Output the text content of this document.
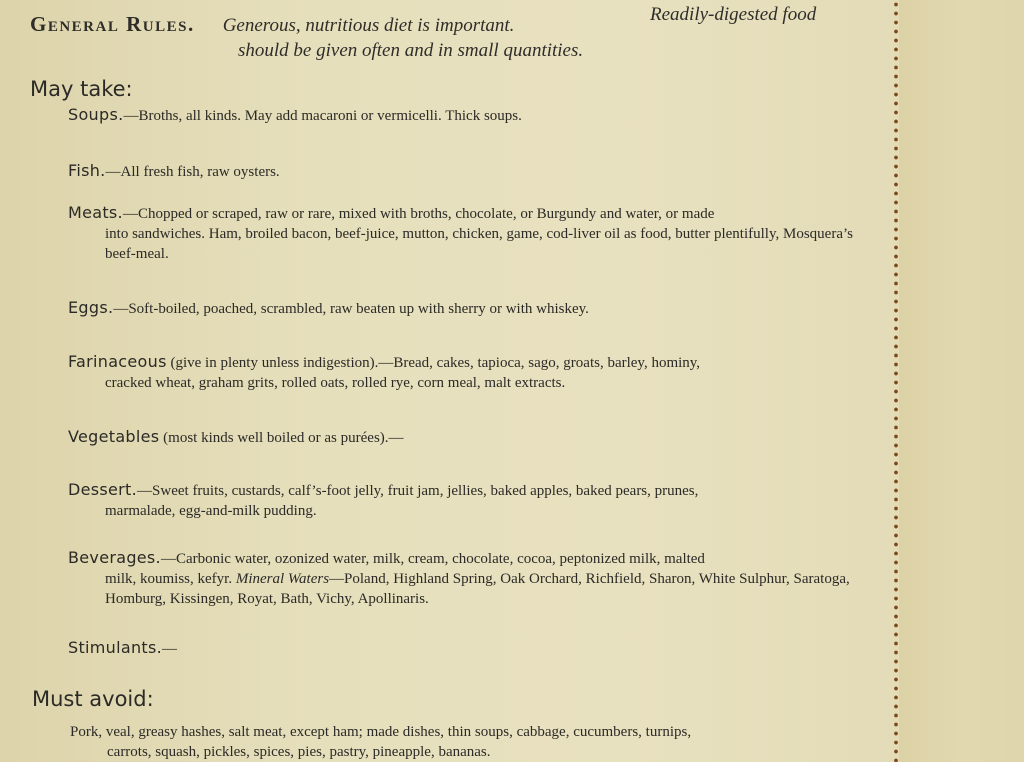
General Rules. Generous, nutritious diet is important.
Readily-digested food
should be given often and in small quantities.
May take:
Soups.—Broths, all kinds. May add macaroni or vermicelli. Thick soups.
Fish.—All fresh fish, raw oysters.
Meats.—Chopped or scraped, raw or rare, mixed with broths, chocolate, or Burgundy and water, or made
into sandwiches. Ham, broiled bacon, beef-juice, mutton, chicken, game, cod-liver oil as food, butter plentifully, Mosquera’s beef-meal.
Eggs.—Soft-boiled, poached, scrambled, raw beaten up with sherry or with whiskey.
Farinaceous (give in plenty unless indigestion).—Bread, cakes, tapioca, sago, groats, barley, hominy,
cracked wheat, graham grits, rolled oats, rolled rye, corn meal, malt extracts.
Vegetables (most kinds well boiled or as purées).—
Dessert.—Sweet fruits, custards, calf’s-foot jelly, fruit jam, jellies, baked apples, baked pears, prunes,
marmalade, egg-and-milk pudding.
Beverages.—Carbonic water, ozonized water, milk, cream, chocolate, cocoa, peptonized milk, malted
milk, koumiss, kefyr. Mineral Waters—Poland, Highland Spring, Oak Orchard, Richfield, Sharon, White Sulphur, Saratoga, Homburg, Kissingen, Royat, Bath, Vichy, Apollinaris.
Stimulants.—
Must avoid:
Pork, veal, greasy hashes, salt meat, except ham; made dishes, thin soups, cabbage, cucumbers, turnips,
carrots, squash, pickles, spices, pies, pastry, pineapple, bananas.
